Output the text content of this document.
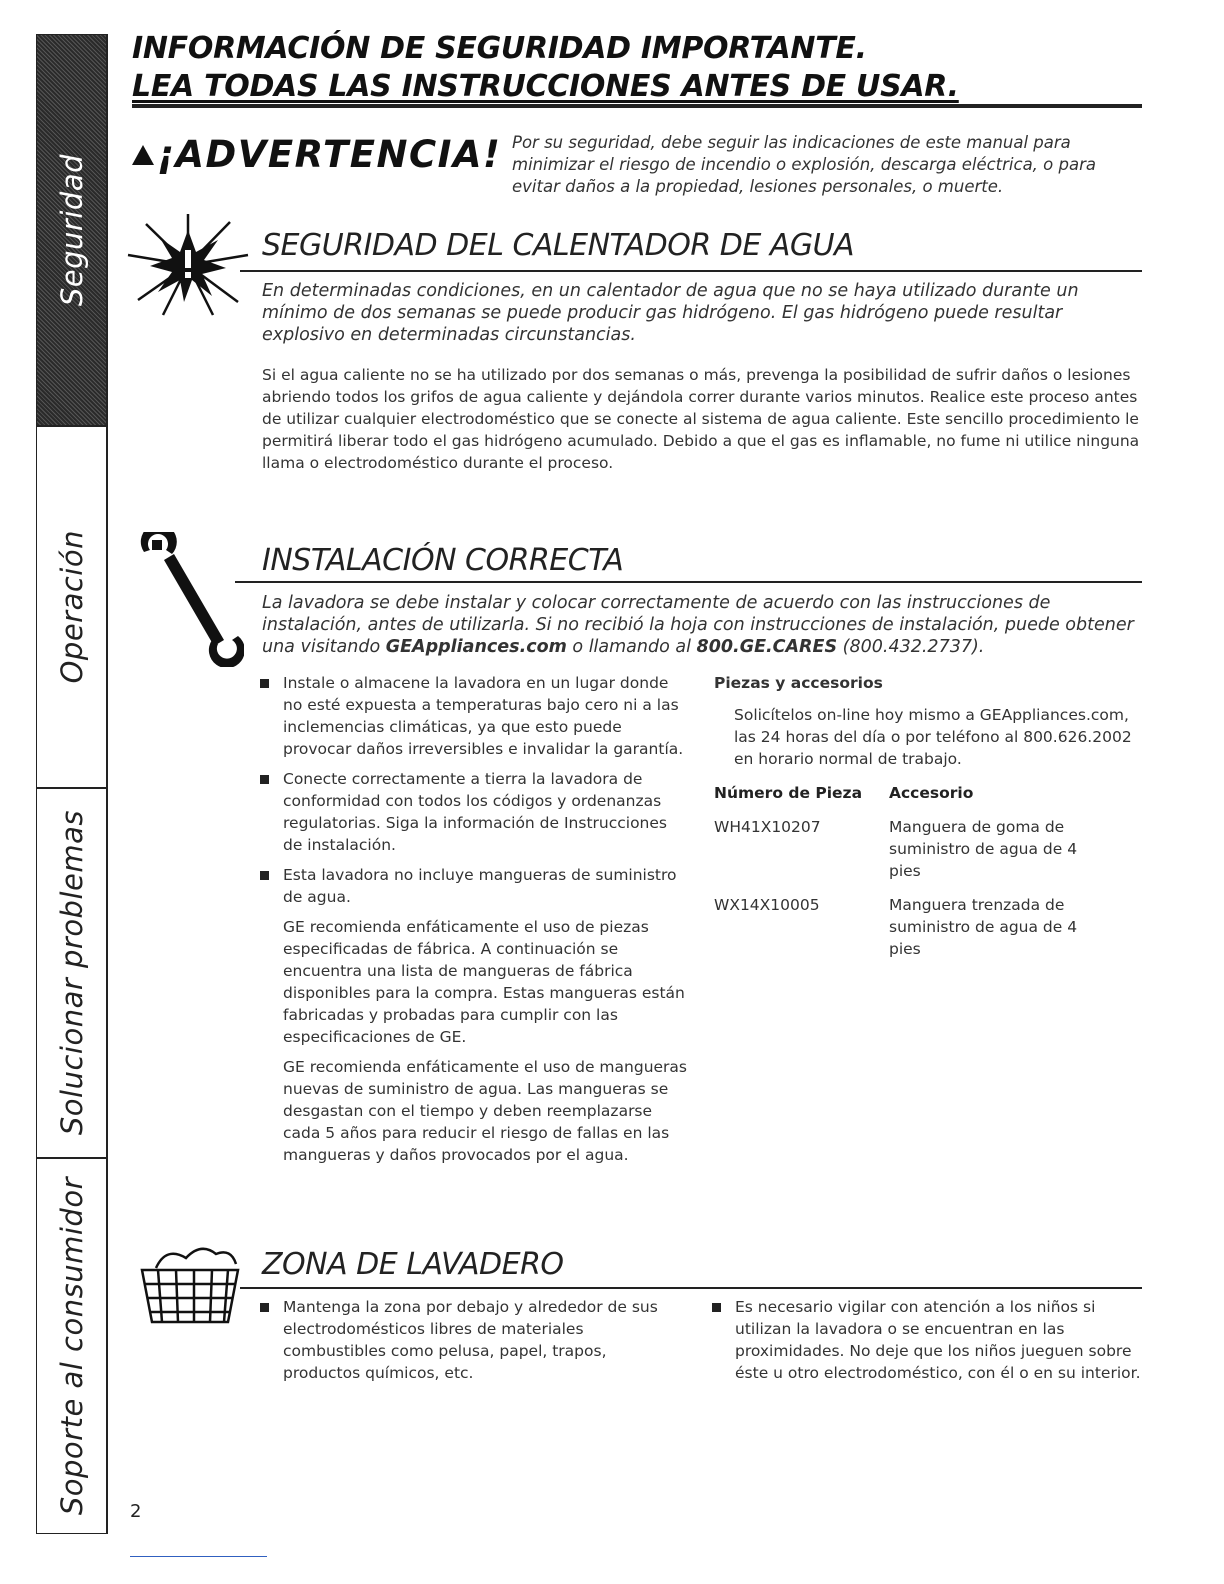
Seguridad
Operación
Solucionar problemas
Soporte al consumidor
INFORMACIÓN DE SEGURIDAD IMPORTANTE.
LEA TODAS LAS INSTRUCCIONES ANTES DE USAR.
¡ADVERTENCIA! Por su seguridad, debe seguir las indicaciones de este manual para minimizar el riesgo de incendio o explosión, descarga eléctrica, o para evitar daños a la propiedad, lesiones personales, o muerte.
SEGURIDAD DEL CALENTADOR DE AGUA
En determinadas condiciones, en un calentador de agua que no se haya utilizado durante un mínimo de dos semanas se puede producir gas hidrógeno. El gas hidrógeno puede resultar explosivo en determinadas circunstancias.
Si el agua caliente no se ha utilizado por dos semanas o más, prevenga la posibilidad de sufrir daños o lesiones abriendo todos los grifos de agua caliente y dejándola correr durante varios minutos. Realice este proceso antes de utilizar cualquier electrodoméstico que se conecte al sistema de agua caliente. Este sencillo procedimiento le permitirá liberar todo el gas hidrógeno acumulado. Debido a que el gas es inflamable, no fume ni utilice ninguna llama o electrodoméstico durante el proceso.
INSTALACIÓN CORRECTA
La lavadora se debe instalar y colocar correctamente de acuerdo con las instrucciones de instalación, antes de utilizarla. Si no recibió la hoja con instrucciones de instalación, puede obtener una visitando GEAppliances.com o llamando al 800.GE.CARES (800.432.2737).
Instale o almacene la lavadora en un lugar donde no esté expuesta a temperaturas bajo cero ni a las inclemencias climáticas, ya que esto puede provocar daños irreversibles e invalidar la garantía.
Conecte correctamente a tierra la lavadora de conformidad con todos los códigos y ordenanzas regulatorias. Siga la información de Instrucciones de instalación.
Esta lavadora no incluye mangueras de suministro de agua.
GE recomienda enfáticamente el uso de piezas especificadas de fábrica. A continuación se encuentra una lista de mangueras de fábrica disponibles para la compra. Estas mangueras están fabricadas y probadas para cumplir con las especificaciones de GE.
GE recomienda enfáticamente el uso de mangueras nuevas de suministro de agua. Las mangueras se desgastan con el tiempo y deben reemplazarse cada 5 años para reducir el riesgo de fallas en las mangueras y daños provocados por el agua.
Piezas y accesorios
Solicítelos on-line hoy mismo a GEAppliances.com, las 24 horas del día o por teléfono al 800.626.2002 en horario normal de trabajo.
Número de Pieza	Accesorio
WH41X10207	Manguera de goma de suministro de agua de 4 pies
WX14X10005	Manguera trenzada de suministro de agua de 4 pies
ZONA DE LAVADERO
Mantenga la zona por debajo y alrededor de sus electrodomésticos libres de materiales combustibles como pelusa, papel, trapos, productos químicos, etc.
Es necesario vigilar con atención a los niños si utilizan la lavadora o se encuentran en las proximidades. No deje que los niños jueguen sobre éste u otro electrodoméstico, con él o en su interior.
2
